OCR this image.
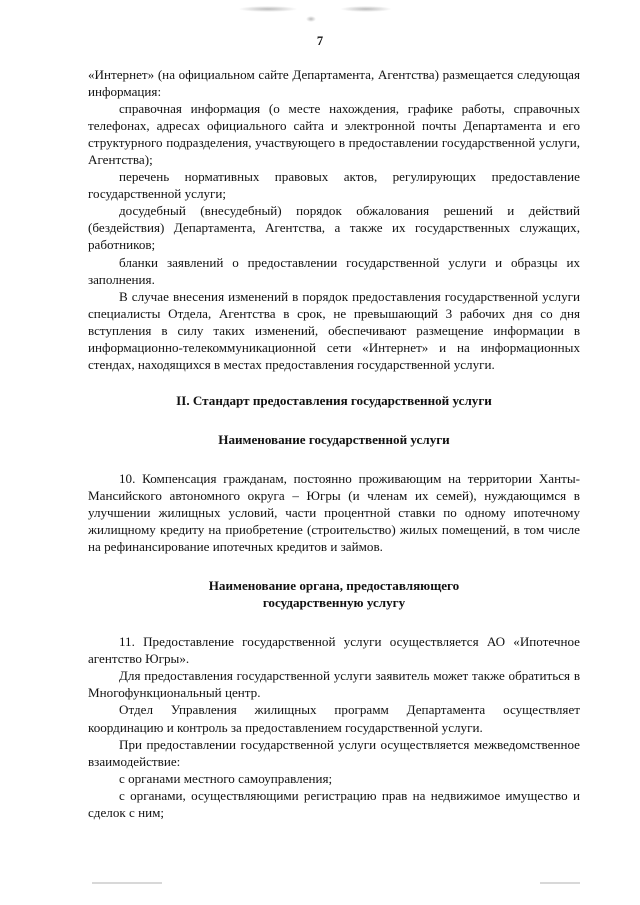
7

«Интернет» (на официальном сайте Департамента, Агентства) размещается следующая информация:

справочная информация (о месте нахождения, графике работы, справочных телефонах, адресах официального сайта и электронной почты Департамента и его структурного подразделения, участвующего в предоставлении государственной услуги, Агентства);

перечень нормативных правовых актов, регулирующих предоставление государственной услуги;

досудебный (внесудебный) порядок обжалования решений и действий (бездействия) Департамента, Агентства, а также их государственных служащих, работников;

бланки заявлений о предоставлении государственной услуги и образцы их заполнения.

В случае внесения изменений в порядок предоставления государственной услуги специалисты Отдела, Агентства в срок, не превышающий 3 рабочих дня со дня вступления в силу таких изменений, обеспечивают размещение информации в информационно-телекоммуникационной сети «Интернет» и на информационных стендах, находящихся в местах предоставления государственной услуги.

II. Стандарт предоставления государственной услуги

Наименование государственной услуги

10. Компенсация гражданам, постоянно проживающим на территории Ханты-Мансийского автономного округа – Югры (и членам их семей), нуждающимся в улучшении жилищных условий, части процентной ставки по одному ипотечному жилищному кредиту на приобретение (строительство) жилых помещений, в том числе на рефинансирование ипотечных кредитов и займов.

Наименование органа, предоставляющего

государственную услугу

11. Предоставление государственной услуги осуществляется АО «Ипотечное агентство Югры».

Для предоставления государственной услуги заявитель может также обратиться в Многофункциональный центр.

Отдел Управления жилищных программ Департамента осуществляет координацию и контроль за предоставлением государственной услуги.

При предоставлении государственной услуги осуществляется межведомственное взаимодействие:

с органами местного самоуправления;

с органами, осуществляющими регистрацию прав на недвижимое имущество и сделок с ним;
